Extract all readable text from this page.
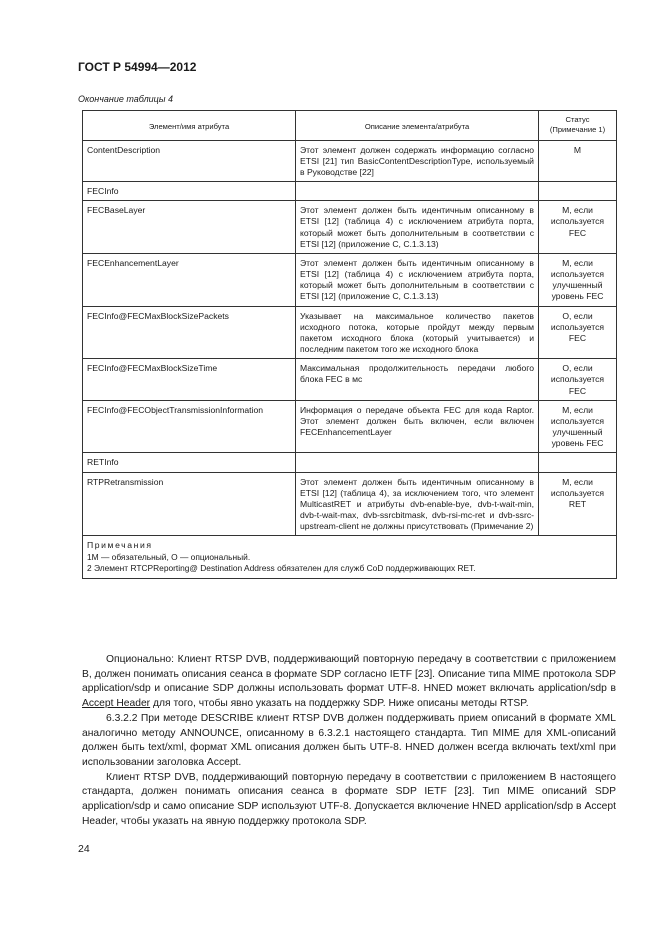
ГОСТ Р 54994—2012
Окончание таблицы 4
Элемент/имя атрибута	Описание элемента/атрибута	Статус
(Примечание 1)

ContentDescription	Этот элемент должен содержать информацию согласно ETSI [21] тип BasicContentDescriptionType, используемый в Руководстве [22]	M
FECInfo		
FECBaseLayer	Этот элемент должен быть идентичным описанному в ETSI [12] (таблица 4) с исключением атрибута порта, который может быть дополнительным в соответствии с ETSI [12] (приложение С, С.1.3.13)	M, если используется FEC
FECEnhancementLayer	Этот элемент должен быть идентичным описанному в ETSI [12] (таблица 4) с исключением атрибута порта, который может быть дополнительным в соответствии с ETSI [12] (приложение С, С.1.3.13)	M, если используется улучшенный уровень FEC
FECInfo@FECMaxBlockSizePackets	Указывает на максимальное количество пакетов исходного потока, которые пройдут между первым пакетом исходного блока (который учитывается) и последним пакетом того же исходного блока	O, если используется FEC
FECInfo@FECMaxBlockSizeTime	Максимальная продолжительность передачи любого блока FEC в мс	O, если используется FEC
FECInfo@FECObjectTransmissionInformation	Информация о передаче объекта FEC для кода Raptor. Этот элемент должен быть включен, если включен FECEnhancementLayer	M, если используется улучшенный уровень FEC
RETInfo		
RTPRetransmission	Этот элемент должен быть идентичным описанному в ETSI [12] (таблица 4), за исключением того, что элемент MulticastRET и атрибуты dvb-enable-bye, dvb-t-wait-min, dvb-t-wait-max, dvb-ssrcbitmask, dvb-rsi-mc-ret и dvb-ssrc-upstream-client не должны присутствовать (Примечание 2)	M, если используется RET

Примечания
1М — обязательный, О — опциональный.
2 Элемент RTCPReporting@ Destination Address обязателен для служб CoD поддерживающих RET.		

Опционально: Клиент RTSP DVB, поддерживающий повторную передачу в соответствии с приложением В, должен понимать описания сеанса в формате SDP согласно IETF [23]. Описание типа MIME протокола SDP application/sdp и описание SDP должны использовать формат UTF-8. HNED может включать application/sdp в Accept Header для того, чтобы явно указать на поддержку SDP. Ниже описаны методы RTSP.

6.3.2.2 При методе DESCRIBE клиент RTSP DVB должен поддерживать прием описаний в формате XML аналогично методу ANNOUNCE, описанному в 6.3.2.1 настоящего стандарта. Тип MIME для XML-описаний должен быть text/xml, формат XML описания должен быть UTF-8. HNED должен всегда включать text/xml при использовании заголовка Accept.

Клиент RTSP DVB, поддерживающий повторную передачу в соответствии с приложением В настоящего стандарта, должен понимать описания сеанса в формате SDP IETF [23]. Тип MIME описаний SDP application/sdp и само описание SDP используют UTF-8. Допускается включение HNED application/sdp в Accept Header, чтобы указать на явную поддержку протокола SDP.

24
